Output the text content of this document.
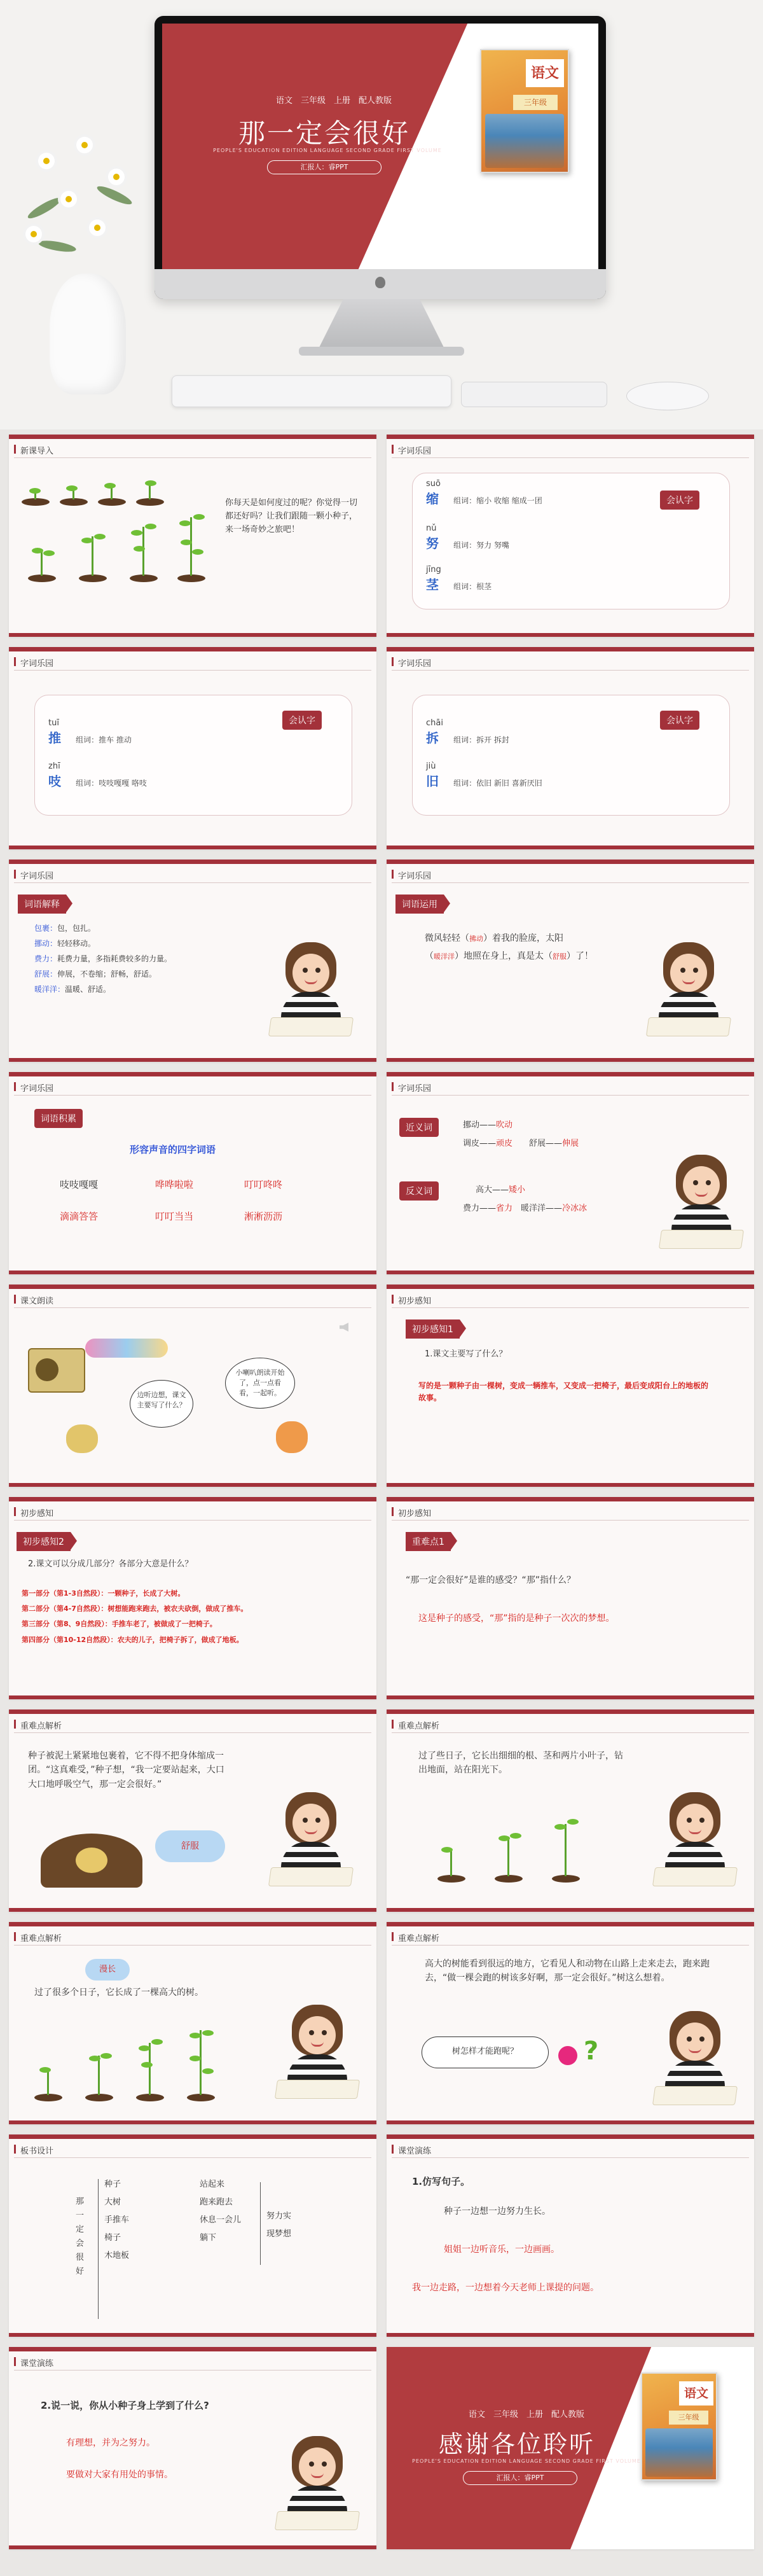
语文　三年级　上册　配人教版
那一定会很好
PEOPLE'S EDUCATION EDITION LANGUAGE SECOND GRADE FIRST VOLUME
汇报人：睿PPT
语文
三年级
新课导入
你每天是如何度过的呢？你觉得一切都还好吗？让我们跟随一颗小种子，来一场奇妙之旅吧！
字词乐园
会认字
suō
缩 组词：缩小 收缩 缩成一团
nǔ
努 组词：努力 努嘴
jīng
茎 组词：根茎
字词乐园
会认字
tuī
推 组词：推车 推动
zhī
吱 组词：吱吱嘎嘎 咯吱
字词乐园
会认字
chāi
拆 组词：拆开 拆封
jiù
旧 组词：依旧 新旧 喜新厌旧
字词乐园
词语解释
包裹：包，包扎。
挪动：轻轻移动。
费力：耗费力量，多指耗费较多的力量。
舒展：伸展，不卷缩；舒畅，舒适。
暖洋洋：温暖、舒适。
字词乐园
词语运用
微风轻轻（拂动）着我的脸庞，太阳
（暖洋洋）地照在身上，真是太（舒服）了！
字词乐园
词语积累
形容声音的四字词语
吱吱嘎嘎	哗哗啦啦	叮叮咚咚
滴滴答答	叮叮当当	淅淅沥沥
字词乐园
近义词	挪动——吹动
调皮——顽皮　　 舒展——伸展
反义词	高大——矮小
费力——省力　 暖洋洋——冷冰冰
课文朗读
边听边想，课文主要写了什么？
小喇叭朗读开始了，点一点看看，一起听。
初步感知
初步感知1
1.课文主要写了什么？
写的是一颗种子由一棵树，变成一辆推车，又变成一把椅子，最后变成阳台上的地板的故事。
初步感知
初步感知2
2.课文可以分成几部分？各部分大意是什么？
第一部分（第1-3自然段）：一颗种子，长成了大树。
第二部分（第4-7自然段）：树想能跑来跑去，被农夫砍倒，做成了推车。
第三部分（第8、9自然段）：手推车老了，被做成了一把椅子。
第四部分（第10-12自然段）：农夫的儿子，把椅子拆了，做成了地板。
初步感知
重难点1
“那一定会很好”是谁的感受？“那”指什么？
这是种子的感受，“那”指的是种子一次次的梦想。
重难点解析
种子被泥土紧紧地包裹着，它不得不把身体缩成一团。“这真难受，”种子想，“我一定要站起来，大口大口地呼吸空气，那一定会很好。”
舒服
重难点解析
过了些日子，它长出细细的根、茎和两片小叶子，钻出地面，站在阳光下。
重难点解析
漫长
过了很多个日子，它长成了一棵高大的树。
重难点解析
高大的树能看到很远的地方，它看见人和动物在山路上走来走去，跑来跑去，“做一棵会跑的树该多好啊，那一定会很好。”树这么想着。
树怎样才能跑呢？	?
板书设计
那一定会很好
种子
大树
手推车
椅子
木地板
站起来
跑来跑去
休息一会儿
躺下
努力实
现梦想
课堂演练
1.仿写句子。
种子一边想一边努力生长。
姐姐一边听音乐，一边画画。
我一边走路，一边想着今天老师上课提的问题。
课堂演练
2.说一说，你从小种子身上学到了什么?
有理想，并为之努力。
要做对大家有用处的事情。
语文　三年级　上册　配人教版
感谢各位聆听
PEOPLE'S EDUCATION EDITION LANGUAGE SECOND GRADE FIRST VOLUME
汇报人：睿PPT
语文
三年级
